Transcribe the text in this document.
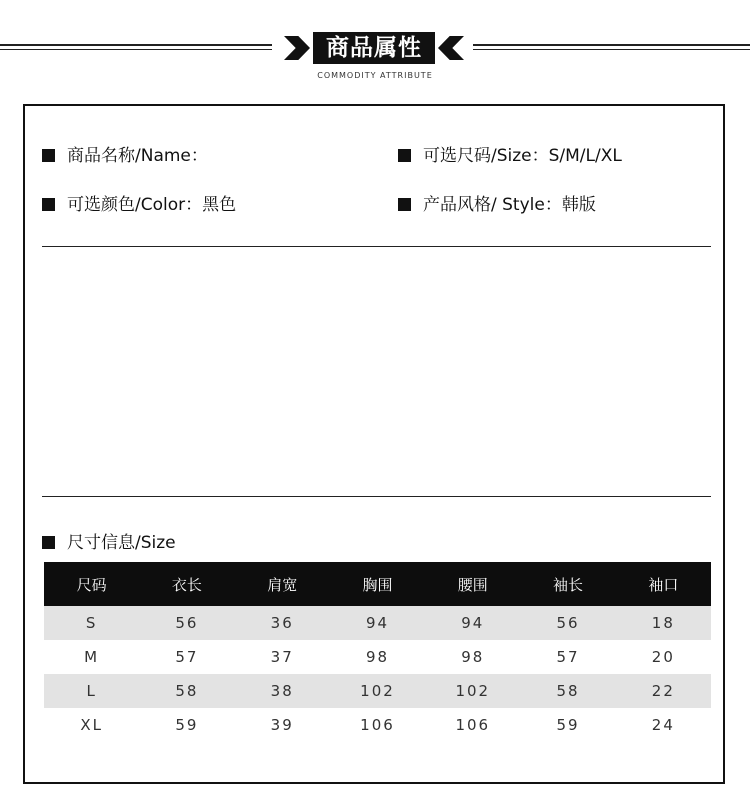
商品属性
COMMODITY ATTRIBUTE
商品名称/Name：	可选尺码/Size：S/M/L/XL
可选颜色/Color：黑色	产品风格/ Style：韩版
尺寸信息/Size
尺码	衣长	肩宽	胸围	腰围	袖长	袖口
S	56	36	94	94	56	18
M	57	37	98	98	57	20
L	58	38	102	102	58	22
XL	59	39	106	106	59	24
